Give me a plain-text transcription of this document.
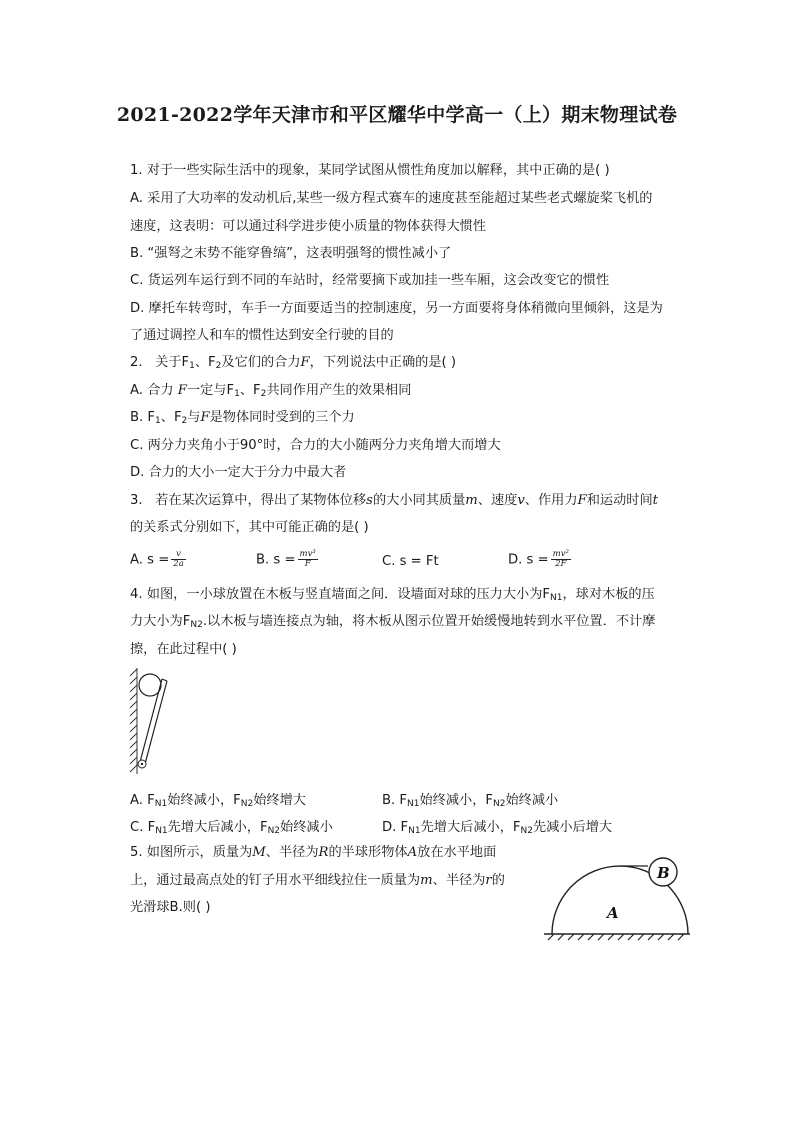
2021-2022学年天津市和平区耀华中学高一（上）期末物理试卷
1. 对于一些实际生活中的现象，某同学试图从惯性角度加以解释，其中正确的是( )
A. 采用了大功率的发动机后,某些一级方程式赛车的速度甚至能超过某些老式螺旋桨飞机的
速度，这表明：可以通过科学进步使小质量的物体获得大惯性
B. “强弩之末势不能穿鲁缟”，这表明强弩的惯性减小了
C. 货运列车运行到不同的车站时，经常要摘下或加挂一些车厢，这会改变它的惯性
D. 摩托车转弯时，车手一方面要适当的控制速度，另一方面要将身体稍微向里倾斜，这是为
了通过调控人和车的惯性达到安全行驶的目的
2. 关于$F_1$、$F_2$及它们的合力F，下列说法中正确的是( )
A. 合力 F一定与$F_1$、$F_2$共同作用产生的效果相同
B. $F_1$、$F_2$与F是物体同时受到的三个力
C. 两分力夹角小于90°时，合力的大小随两分力夹角增大而增大
D. 合力的大小一定大于分力中最大者
3.   若在某次运算中，得出了某物体位移s的大小同其质量m、速度v、作用力F和运动时间t
的关系式分别如下，其中可能正确的是( )
A. $s = \frac{v}{2a}$	B. $s = \frac{\text{mv³}}{F}$	C. s = Ft	D. $s = \frac{\text{mv²}}{2F}$
4. 如图，一小球放置在木板与竖直墙面之间．设墙面对球的压力大小为$F_{N1}$，球对木板的压
力大小为$F_{N2}$.以木板与墙连接点为轴，将木板从图示位置开始缓慢地转到水平位置．不计摩
擦，在此过程中( )
A. $F_{N1}$始终减小，$F_{N2}$始终增大	B. $F_{N1}$始终减小，$F_{N2}$始终减小
C. $F_{N1}$先增大后减小，$F_{N2}$始终减小	D. $F_{N1}$先增大后减小，$F_{N2}$先减小后增大
5. 如图所示，质量为M、半径为R的半球形物体A放在水平地面
上，通过最高点处的钉子用水平细线拉住一质量为m、半径为r的
光滑球B.则( )
B
A
